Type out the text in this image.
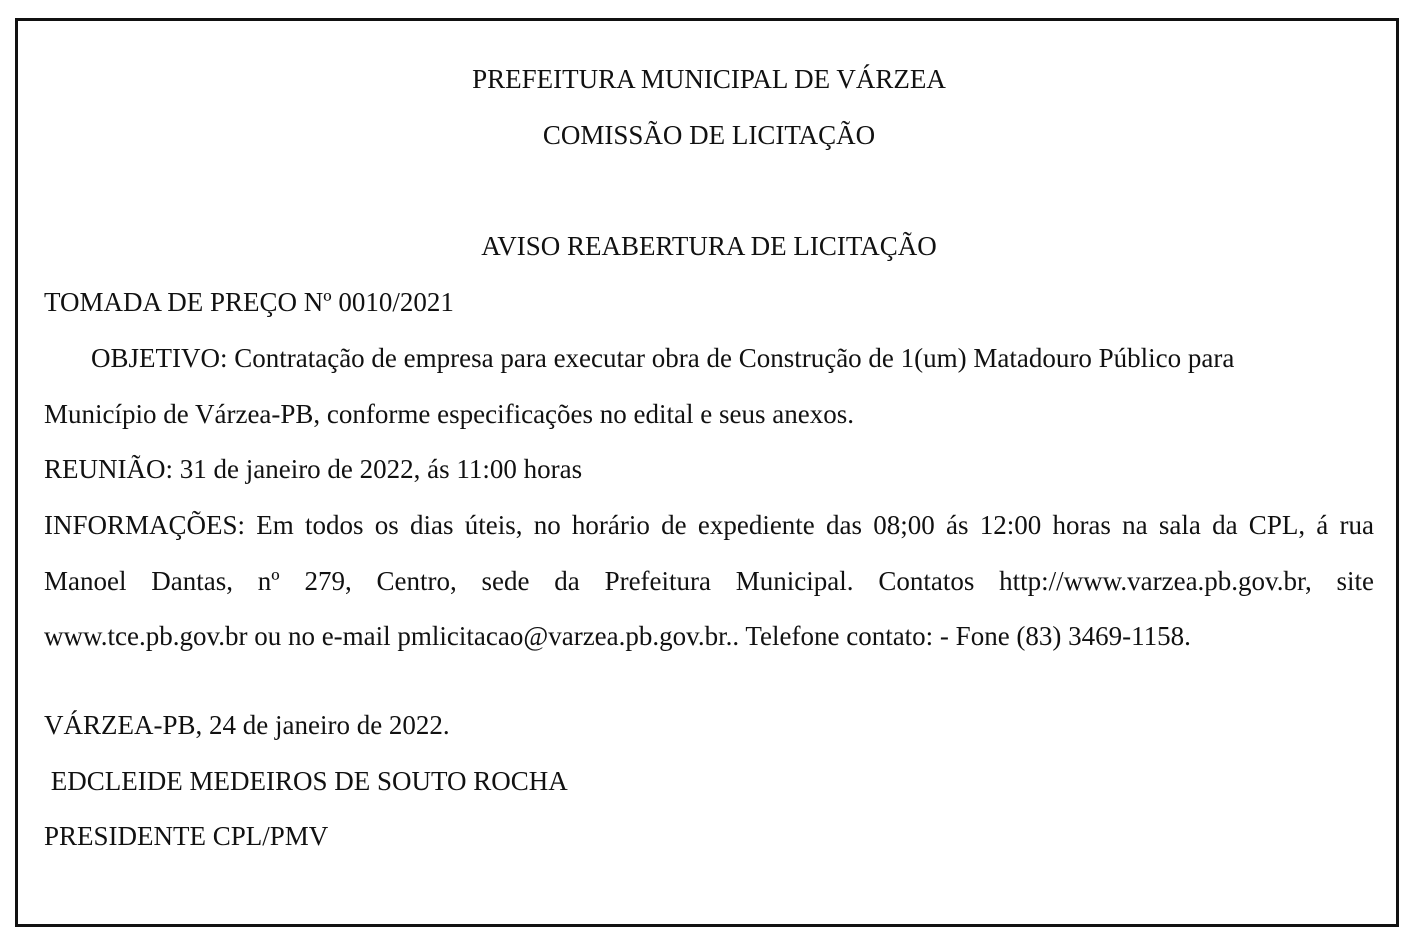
PREFEITURA MUNICIPAL DE VÁRZEA
COMISSÃO DE LICITAÇÃO
AVISO REABERTURA DE LICITAÇÃO
TOMADA DE PREÇO Nº 0010/2021
OBJETIVO: Contratação de empresa para executar obra de Construção de 1(um) Matadouro Público para
Município de Várzea-PB, conforme especificações no edital e seus anexos.
REUNIÃO: 31 de janeiro de 2022, ás 11:00 horas
INFORMAÇÕES: Em todos os dias úteis, no horário de expediente das 08;00 ás 12:00 horas na sala da CPL, á rua
Manoel Dantas, nº 279, Centro, sede da Prefeitura Municipal. Contatos http://www.varzea.pb.gov.br, site
www.tce.pb.gov.br ou no e-mail pmlicitacao@varzea.pb.gov.br.. Telefone contato: - Fone (83) 3469-1158.
VÁRZEA-PB, 24 de janeiro de 2022.
EDCLEIDE MEDEIROS DE SOUTO ROCHA
PRESIDENTE CPL/PMV
